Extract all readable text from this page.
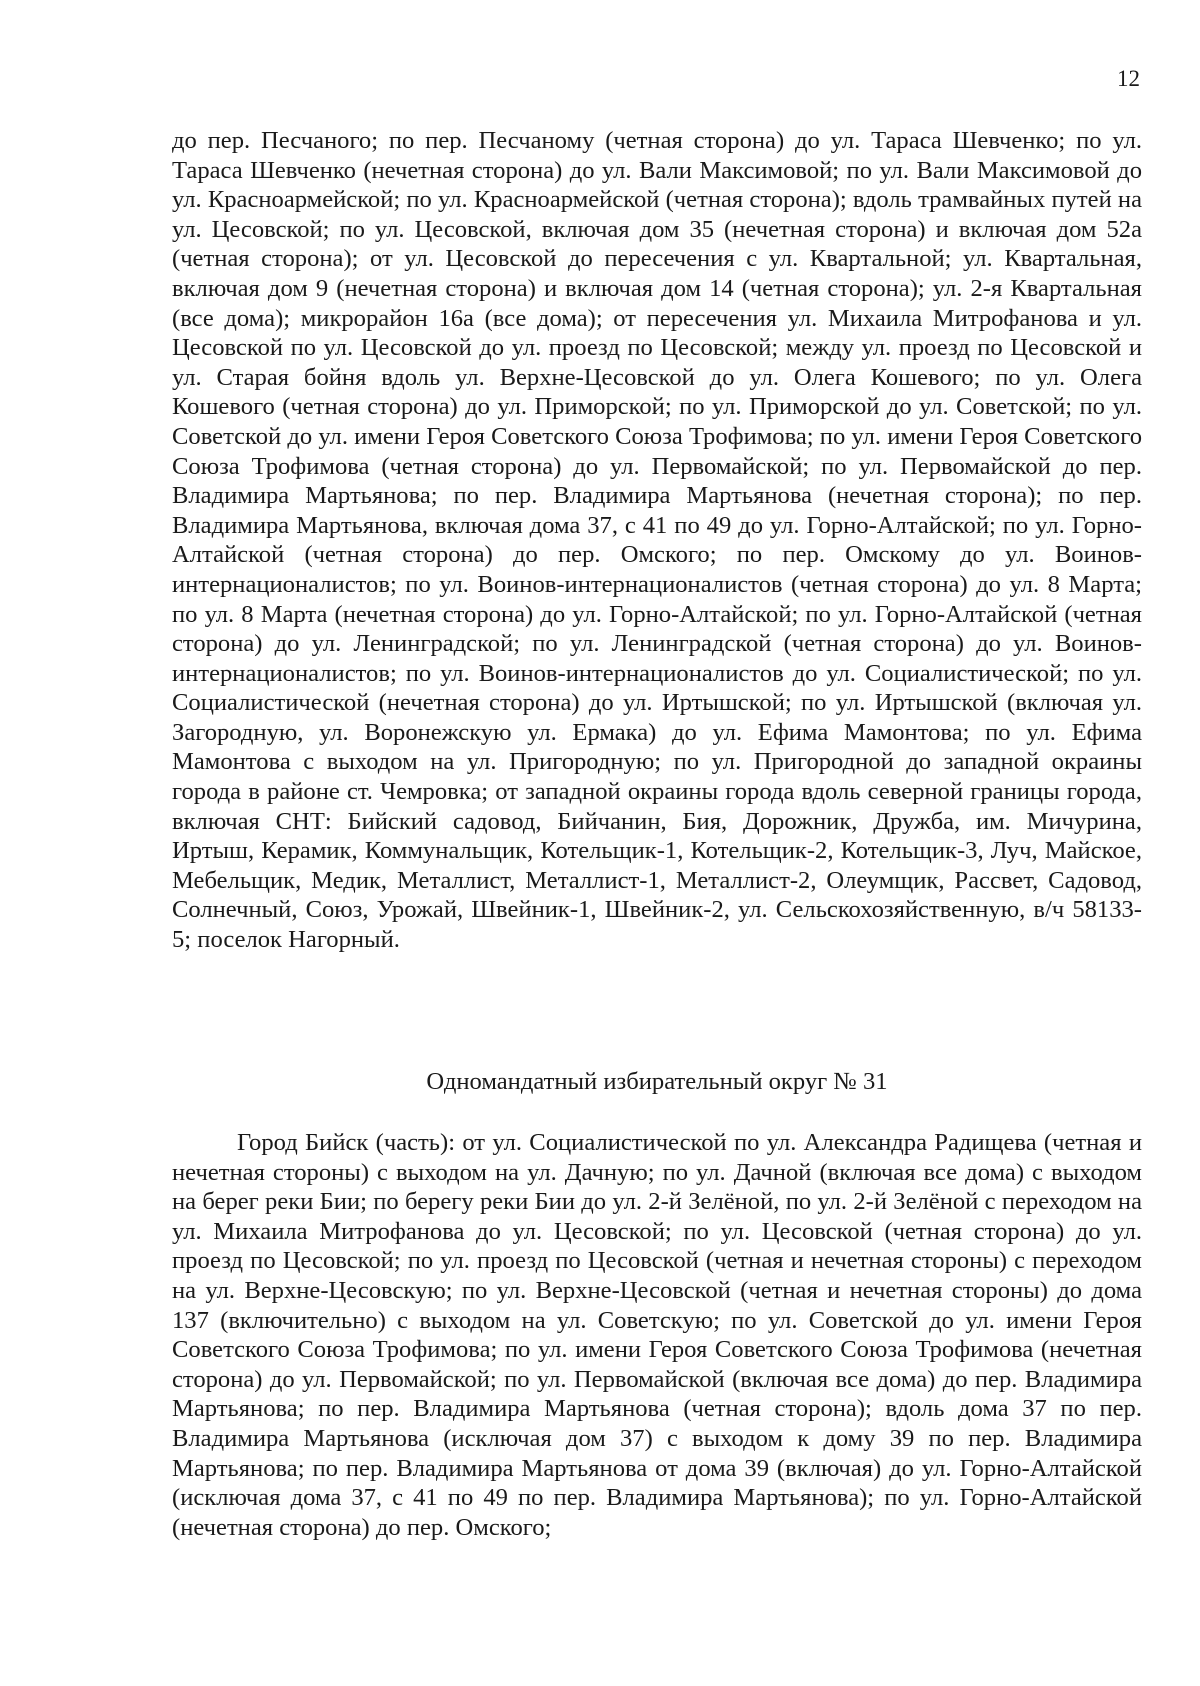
12

до пер. Песчаного; по пер. Песчаному (четная сторона) до ул. Тараса Шевченко; по ул. Тараса Шевченко (нечетная сторона) до ул. Вали Максимовой; по ул. Вали Максимовой до ул. Красноармейской; по ул. Красноармейской (четная сторона); вдоль трамвайных путей на ул. Цесовской; по ул. Цесовской, включая дом 35 (нечетная сторона) и включая дом 52а (четная сторона); от ул. Цесовской до пересечения с ул. Квартальной; ул. Квартальная, включая дом 9 (нечетная сторона) и включая дом 14 (четная сторона); ул. 2-я Квартальная (все дома); микрорайон 16а (все дома); от пересечения ул. Михаила Митрофанова и ул. Цесовской по ул. Цесовской до ул. проезд по Цесовской; между ул. проезд по Цесовской и ул. Старая бойня вдоль ул. Верхне-Цесовской до ул. Олега Кошевого; по ул. Олега Кошевого (четная сторона) до ул. Приморской; по ул. Приморской до ул. Советской; по ул. Советской до ул. имени Героя Советского Союза Трофимова; по ул. имени Героя Советского Союза Трофимова (четная сторона) до ул. Первомайской; по ул. Первомайской до пер. Владимира Мартьянова; по пер. Владимира Мартьянова (нечетная сторона); по пер. Владимира Мартьянова, включая дома 37, с 41 по 49 до ул. Горно-Алтайской; по ул. Горно-Алтайской (четная сторона) до пер. Омского; по пер. Омскому до ул. Воинов-интернационалистов; по ул. Воинов-интернационалистов (четная сторона) до ул. 8 Марта; по ул. 8 Марта (нечетная сторона) до ул. Горно-Алтайской; по ул. Горно-Алтайской (четная сторона) до ул. Ленинградской; по ул. Ленинградской (четная сторона) до ул. Воинов-интернационалистов; по ул. Воинов-интернационалистов до ул. Социалистической; по ул. Социалистической (нечетная сторона) до ул. Иртышской; по ул. Иртышской (включая ул. Загородную, ул. Воронежскую ул. Ермака) до ул. Ефима Мамонтова; по ул. Ефима Мамонтова с выходом на ул. Пригородную; по ул. Пригородной до западной окраины города в районе ст. Чемровка; от западной окраины города вдоль северной границы города, включая СНТ: Бийский садовод, Бийчанин, Бия, Дорожник, Дружба, им. Мичурина, Иртыш, Керамик, Коммунальщик, Котельщик-1, Котельщик-2, Котельщик-3, Луч, Майское, Мебельщик, Медик, Металлист, Металлист-1, Металлист-2, Олеумщик, Рассвет, Садовод, Солнечный, Союз, Урожай, Швейник-1, Швейник-2, ул. Сельскохозяйственную, в/ч 58133-5; поселок Нагорный.

Одномандатный избирательный округ № 31

Город Бийск (часть): от ул. Социалистической по ул. Александра Радищева (четная и нечетная стороны) с выходом на ул. Дачную; по ул. Дачной (включая все дома) с выходом на берег реки Бии; по берегу реки Бии до ул. 2-й Зелёной, по ул. 2-й Зелёной с переходом на ул. Михаила Митрофанова до ул. Цесовской; по ул. Цесовской (четная сторона) до ул. проезд по Цесовской; по ул. проезд по Цесовской (четная и нечетная стороны) с переходом на ул. Верхне-Цесовскую; по ул. Верхне-Цесовской (четная и нечетная стороны) до дома 137 (включительно) с выходом на ул. Советскую; по ул. Советской до ул. имени Героя Советского Союза Трофимова; по ул. имени Героя Советского Союза Трофимова (нечетная сторона) до ул. Первомайской; по ул. Первомайской (включая все дома) до пер. Владимира Мартьянова; по пер. Владимира Мартьянова (четная сторона); вдоль дома 37 по пер. Владимира Мартьянова (исключая дом 37) с выходом к дому 39 по пер. Владимира Мартьянова; по пер. Владимира Мартьянова от дома 39 (включая) до ул. Горно-Алтайской (исключая дома 37, с 41 по 49 по пер. Владимира Мартьянова); по ул. Горно-Алтайской (нечетная сторона) до пер. Омского;
